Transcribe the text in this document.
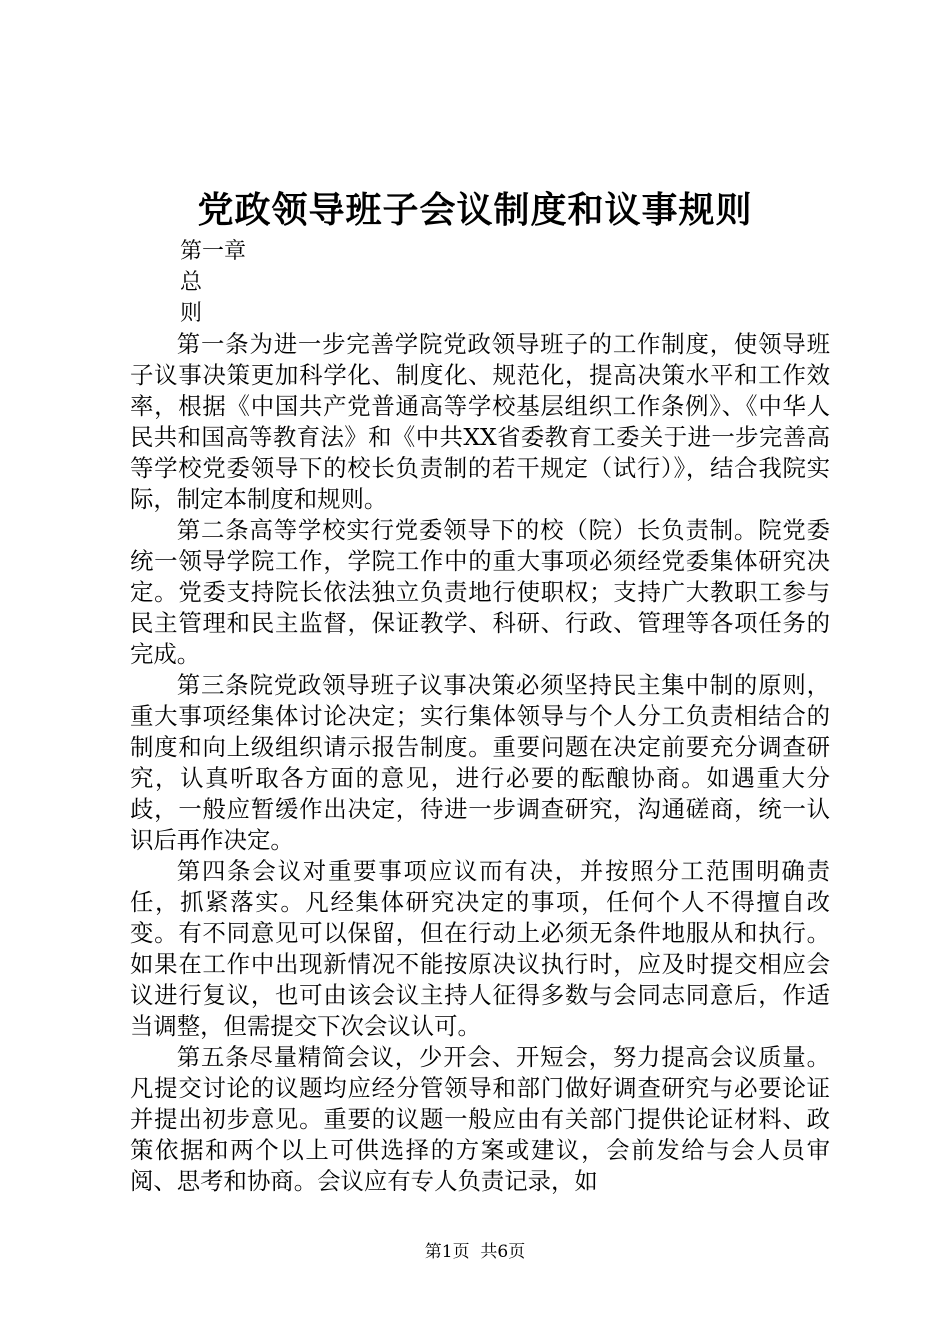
党政领导班子会议制度和议事规则
第一章
总
则

第一条为进一步完善学院党政领导班子的工作制度，使领导班子议事决策更加科学化、制度化、规范化，提高决策水平和工作效率，根据《中国共产党普通高等学校基层组织工作条例》、《中华人民共和国高等教育法》和《中共XX省委教育工委关于进一步完善高等学校党委领导下的校长负责制的若干规定（试行）》，结合我院实际，制定本制度和规则。

第二条高等学校实行党委领导下的校（院）长负责制。院党委统一领导学院工作，学院工作中的重大事项必须经党委集体研究决定。党委支持院长依法独立负责地行使职权；支持广大教职工参与民主管理和民主监督，保证教学、科研、行政、管理等各项任务的完成。

第三条院党政领导班子议事决策必须坚持民主集中制的原则，重大事项经集体讨论决定；实行集体领导与个人分工负责相结合的制度和向上级组织请示报告制度。重要问题在决定前要充分调查研究，认真听取各方面的意见，进行必要的酝酿协商。如遇重大分歧，一般应暂缓作出决定，待进一步调查研究，沟通磋商，统一认识后再作决定。

第四条会议对重要事项应议而有决，并按照分工范围明确责任，抓紧落实。凡经集体研究决定的事项，任何个人不得擅自改变。有不同意见可以保留，但在行动上必须无条件地服从和执行。如果在工作中出现新情况不能按原决议执行时，应及时提交相应会议进行复议，也可由该会议主持人征得多数与会同志同意后，作适当调整，但需提交下次会议认可。

第五条尽量精简会议，少开会、开短会，努力提高会议质量。凡提交讨论的议题均应经分管领导和部门做好调查研究与必要论证并提出初步意见。重要的议题一般应由有关部门提供论证材料、政策依据和两个以上可供选择的方案或建议，会前发给与会人员审阅、思考和协商。会议应有专人负责记录，如

第1页 共6页
